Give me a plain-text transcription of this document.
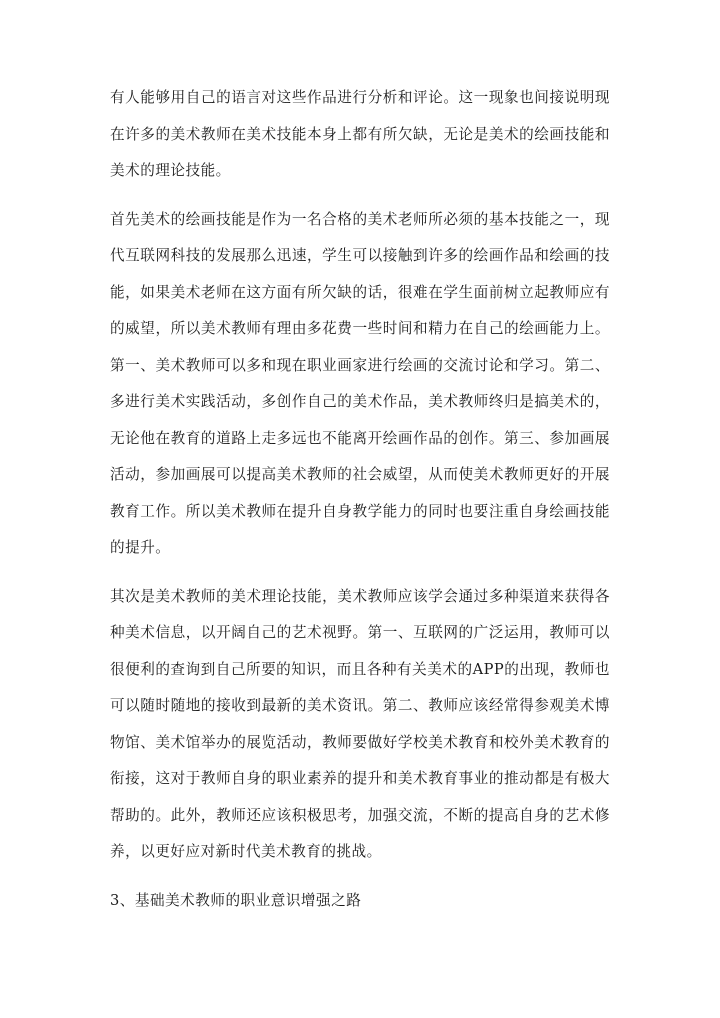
有人能够用自己的语言对这些作品进行分析和评论。这一现象也间接说明现在许多的美术教师在美术技能本身上都有所欠缺，无论是美术的绘画技能和美术的理论技能。

首先美术的绘画技能是作为一名合格的美术老师所必须的基本技能之一，现代互联网科技的发展那么迅速，学生可以接触到许多的绘画作品和绘画的技能，如果美术老师在这方面有所欠缺的话，很难在学生面前树立起教师应有的威望，所以美术教师有理由多花费一些时间和精力在自己的绘画能力上。第一、美术教师可以多和现在职业画家进行绘画的交流讨论和学习。第二、多进行美术实践活动，多创作自己的美术作品，美术教师终归是搞美术的，无论他在教育的道路上走多远也不能离开绘画作品的创作。第三、参加画展活动，参加画展可以提高美术教师的社会威望，从而使美术教师更好的开展教育工作。所以美术教师在提升自身教学能力的同时也要注重自身绘画技能的提升。

其次是美术教师的美术理论技能，美术教师应该学会通过多种渠道来获得各种美术信息，以开阔自己的艺术视野。第一、互联网的广泛运用，教师可以很便利的查询到自己所要的知识，而且各种有关美术的APP的出现，教师也可以随时随地的接收到最新的美术资讯。第二、教师应该经常得参观美术博物馆、美术馆举办的展览活动，教师要做好学校美术教育和校外美术教育的衔接，这对于教师自身的职业素养的提升和美术教育事业的推动都是有极大帮助的。此外，教师还应该积极思考，加强交流，不断的提高自身的艺术修养，以更好应对新时代美术教育的挑战。

3、基础美术教师的职业意识增强之路
